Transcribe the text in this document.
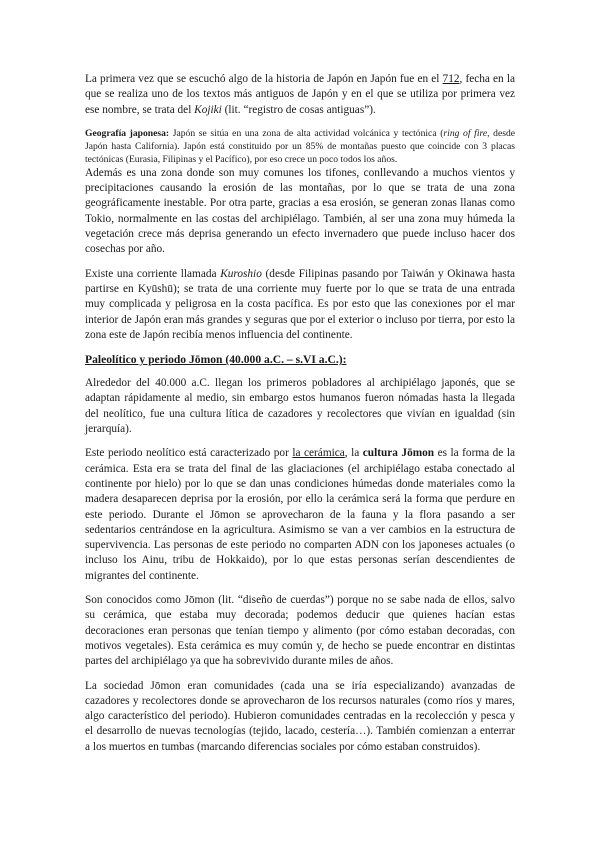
La primera vez que se escuchó algo de la historia de Japón en Japón fue en el 712, fecha en la que se realiza uno de los textos más antiguos de Japón y en el que se utiliza por primera vez ese nombre, se trata del Kojiki (lit. “registro de cosas antiguas”).

Geografía japonesa: Japón se sitúa en una zona de alta actividad volcánica y tectónica (ring of fire, desde Japón hasta California). Japón está constituido por un 85% de montañas puesto que coincide con 3 placas tectónicas (Eurasia, Filipinas y el Pacífico), por eso crece un poco todos los años.

Además es una zona donde son muy comunes los tifones, conllevando a muchos vientos y precipitaciones causando la erosión de las montañas, por lo que se trata de una zona geográficamente inestable. Por otra parte, gracias a esa erosión, se generan zonas llanas como Tokio, normalmente en las costas del archipiélago. También, al ser una zona muy húmeda la vegetación crece más deprisa generando un efecto invernadero que puede incluso hacer dos cosechas por año.

Existe una corriente llamada Kuroshio (desde Filipinas pasando por Taiwán y Okinawa hasta partirse en Kyūshū); se trata de una corriente muy fuerte por lo que se trata de una entrada muy complicada y peligrosa en la costa pacífica. Es por esto que las conexiones por el mar interior de Japón eran más grandes y seguras que por el exterior o incluso por tierra, por esto la zona este de Japón recibía menos influencia del continente.

Paleolítico y periodo Jōmon (40.000 a.C. – s.VI a.C.):

Alrededor del 40.000 a.C. llegan los primeros pobladores al archipiélago japonés, que se adaptan rápidamente al medio, sin embargo estos humanos fueron nómadas hasta la llegada del neolítico, fue una cultura lítica de cazadores y recolectores que vivían en igualdad (sin jerarquía).

Este periodo neolítico está caracterizado por la cerámica, la cultura Jōmon es la forma de la cerámica. Esta era se trata del final de las glaciaciones (el archipiélago estaba conectado al continente por hielo) por lo que se dan unas condiciones húmedas donde materiales como la madera desaparecen deprisa por la erosión, por ello la cerámica será la forma que perdure en este periodo. Durante el Jōmon se aprovecharon de la fauna y la flora pasando a ser sedentarios centrándose en la agricultura. Asimismo se van a ver cambios en la estructura de supervivencia. Las personas de este periodo no comparten ADN con los japoneses actuales (o incluso los Ainu, tribu de Hokkaido), por lo que estas personas serían descendientes de migrantes del continente.

Son conocidos como Jōmon (lit. “diseño de cuerdas”) porque no se sabe nada de ellos, salvo su cerámica, que estaba muy decorada; podemos deducir que quienes hacían estas decoraciones eran personas que tenían tiempo y alimento (por cómo estaban decoradas, con motivos vegetales). Esta cerámica es muy común y, de hecho se puede encontrar en distintas partes del archipiélago ya que ha sobrevivido durante miles de años.

La sociedad Jōmon eran comunidades (cada una se iría especializando) avanzadas de cazadores y recolectores donde se aprovecharon de los recursos naturales (como ríos y mares, algo característico del periodo). Hubieron comunidades centradas en la recolección y pesca y el desarrollo de nuevas tecnologías (tejido, lacado, cestería…). También comienzan a enterrar a los muertos en tumbas (marcando diferencias sociales por cómo estaban construidos).
